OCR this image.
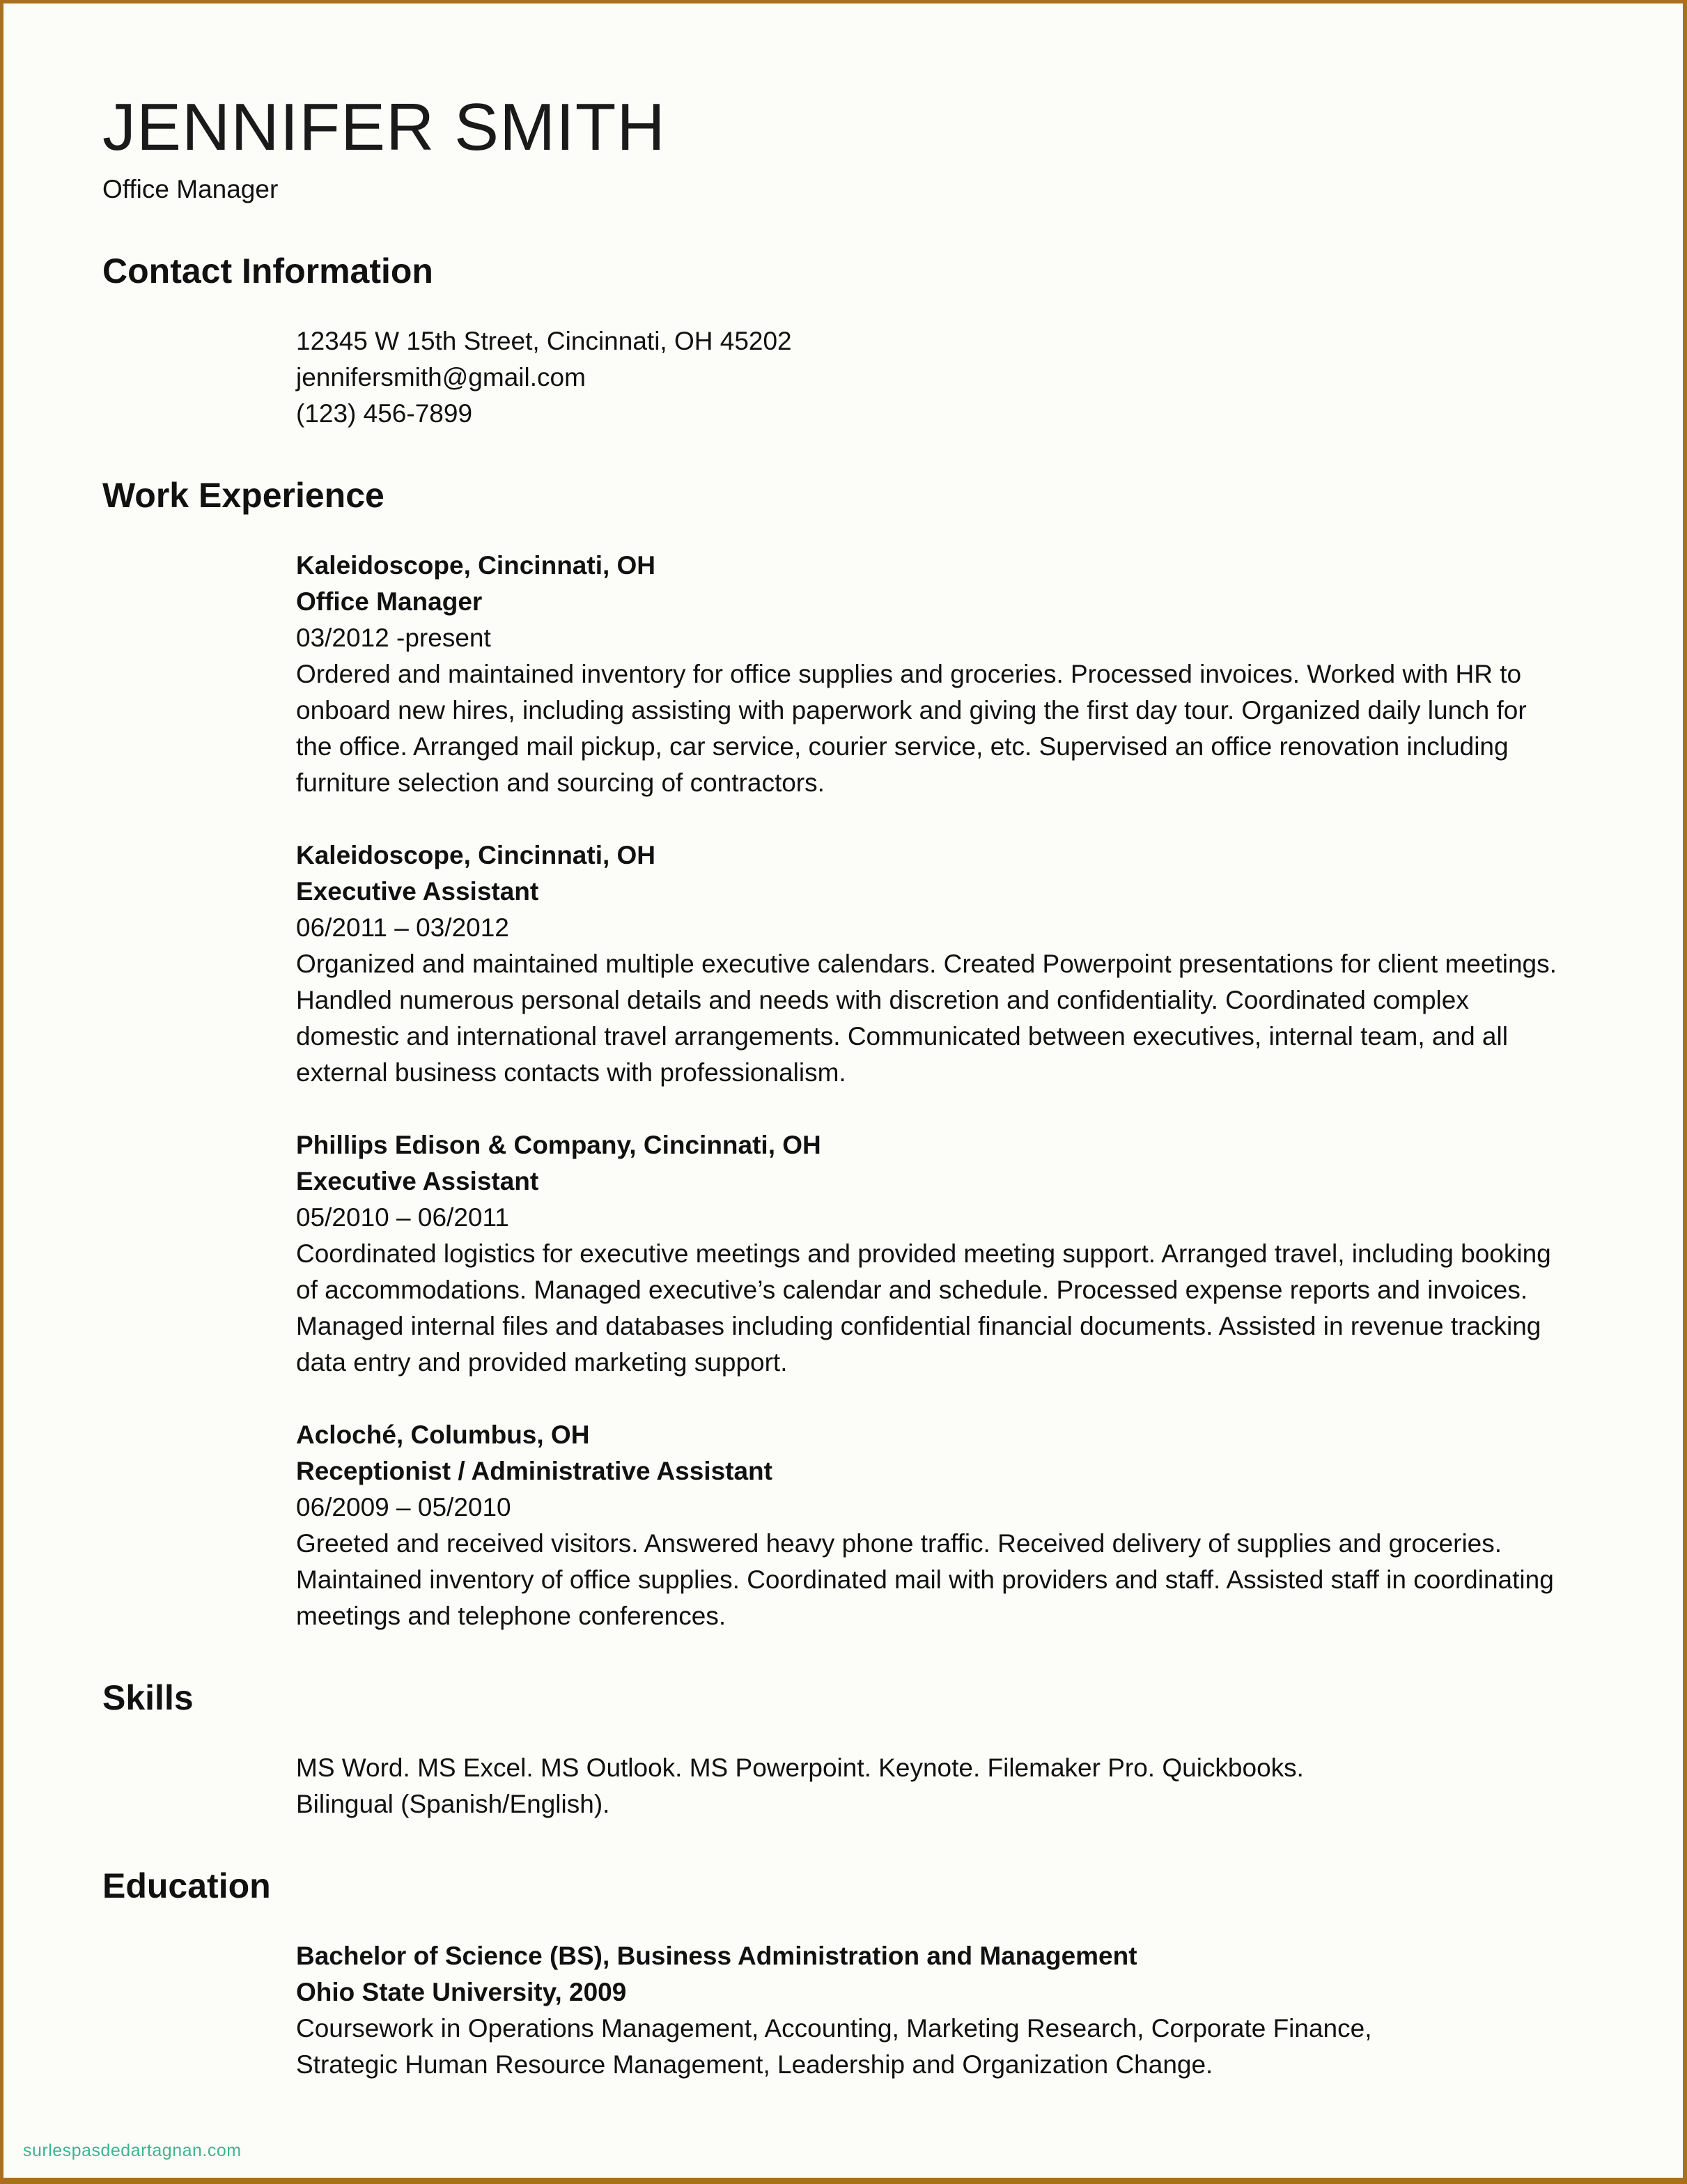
JENNIFER SMITH
Office Manager
Contact Information
12345 W 15th Street, Cincinnati, OH 45202
jennifersmith@gmail.com
(123) 456-7899
Work Experience
Kaleidoscope, Cincinnati, OH
Office Manager
03/2012 -present
Ordered and maintained inventory for office supplies and groceries. Processed invoices. Worked with HR to onboard new hires, including assisting with paperwork and giving the first day tour. Organized daily lunch for the office. Arranged mail pickup, car service, courier service, etc. Supervised an office renovation including furniture selection and sourcing of contractors.
Kaleidoscope, Cincinnati, OH
Executive Assistant
06/2011 – 03/2012
Organized and maintained multiple executive calendars. Created Powerpoint presentations for client meetings. Handled numerous personal details and needs with discretion and confidentiality. Coordinated complex domestic and international travel arrangements. Communicated between executives, internal team, and all external business contacts with professionalism.
Phillips Edison & Company, Cincinnati, OH
Executive Assistant
05/2010 – 06/2011
Coordinated logistics for executive meetings and provided meeting support. Arranged travel, including booking of accommodations. Managed executive’s calendar and schedule. Processed expense reports and invoices. Managed internal files and databases including confidential financial documents. Assisted in revenue tracking data entry and provided marketing support.
Acloché, Columbus, OH
Receptionist / Administrative Assistant
06/2009 – 05/2010
Greeted and received visitors. Answered heavy phone traffic. Received delivery of supplies and groceries. Maintained inventory of office supplies. Coordinated mail with providers and staff. Assisted staff in coordinating meetings and telephone conferences.
Skills
MS Word. MS Excel. MS Outlook. MS Powerpoint. Keynote. Filemaker Pro. Quickbooks.
Bilingual (Spanish/English).
Education
Bachelor of Science (BS), Business Administration and Management
Ohio State University, 2009
Coursework in Operations Management, Accounting, Marketing Research, Corporate Finance,
Strategic Human Resource Management, Leadership and Organization Change.
surlespasdedartagnan.com
